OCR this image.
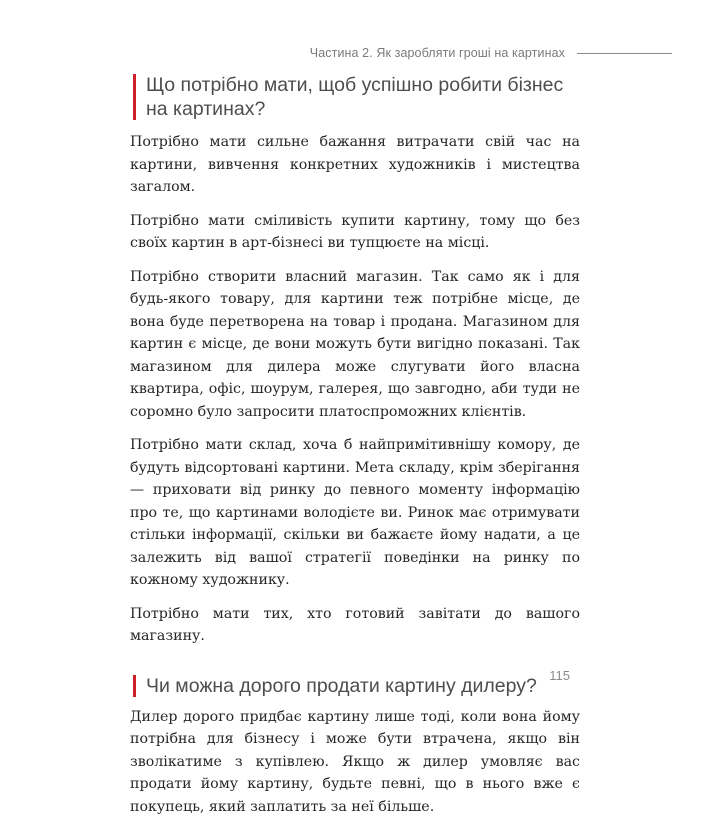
Частина 2. Як заробляти гроші на картинах
Що потрібно мати, щоб успішно робити бізнес на картинах?

Потрібно мати сильне бажання витрачати свій час на картини, вивчення конкретних художників і мистецтва загалом.

Потрібно мати сміливість купити картину, тому що без своїх картин в арт-бізнесі ви тупцюєте на місці.

Потрібно створити власний магазин. Так само як і для будь-якого товару, для картини теж потрібне місце, де вона буде перетворена на товар і продана. Магазином для картин є місце, де вони можуть бути вигідно показані. Так магазином для дилера може слугувати його власна квартира, офіс, шоурум, галерея, що завгодно, аби туди не соромно було запросити платоспроможних клієнтів.

Потрібно мати склад, хоча б найпримітивнішу комору, де будуть відсортовані картини. Мета складу, крім зберігання — приховати від ринку до певного моменту інформацію про те, що картинами володієте ви. Ринок має отримувати стільки інформації, скільки ви бажаєте йому надати, а це залежить від вашої стратегії поведінки на ринку по кожному художнику.

Потрібно мати тих, хто готовий завітати до вашого магазину.

Чи можна дорого продати картину дилеру?

Дилер дорого придбає картину лише тоді, коли вона йому потрібна для бізнесу і може бути втрачена, якщо він зволікатиме з купівлею. Якщо ж дилер умовляє вас продати йому картину, будьте певні, що в нього вже є покупець, який заплатить за неї більше.

115
